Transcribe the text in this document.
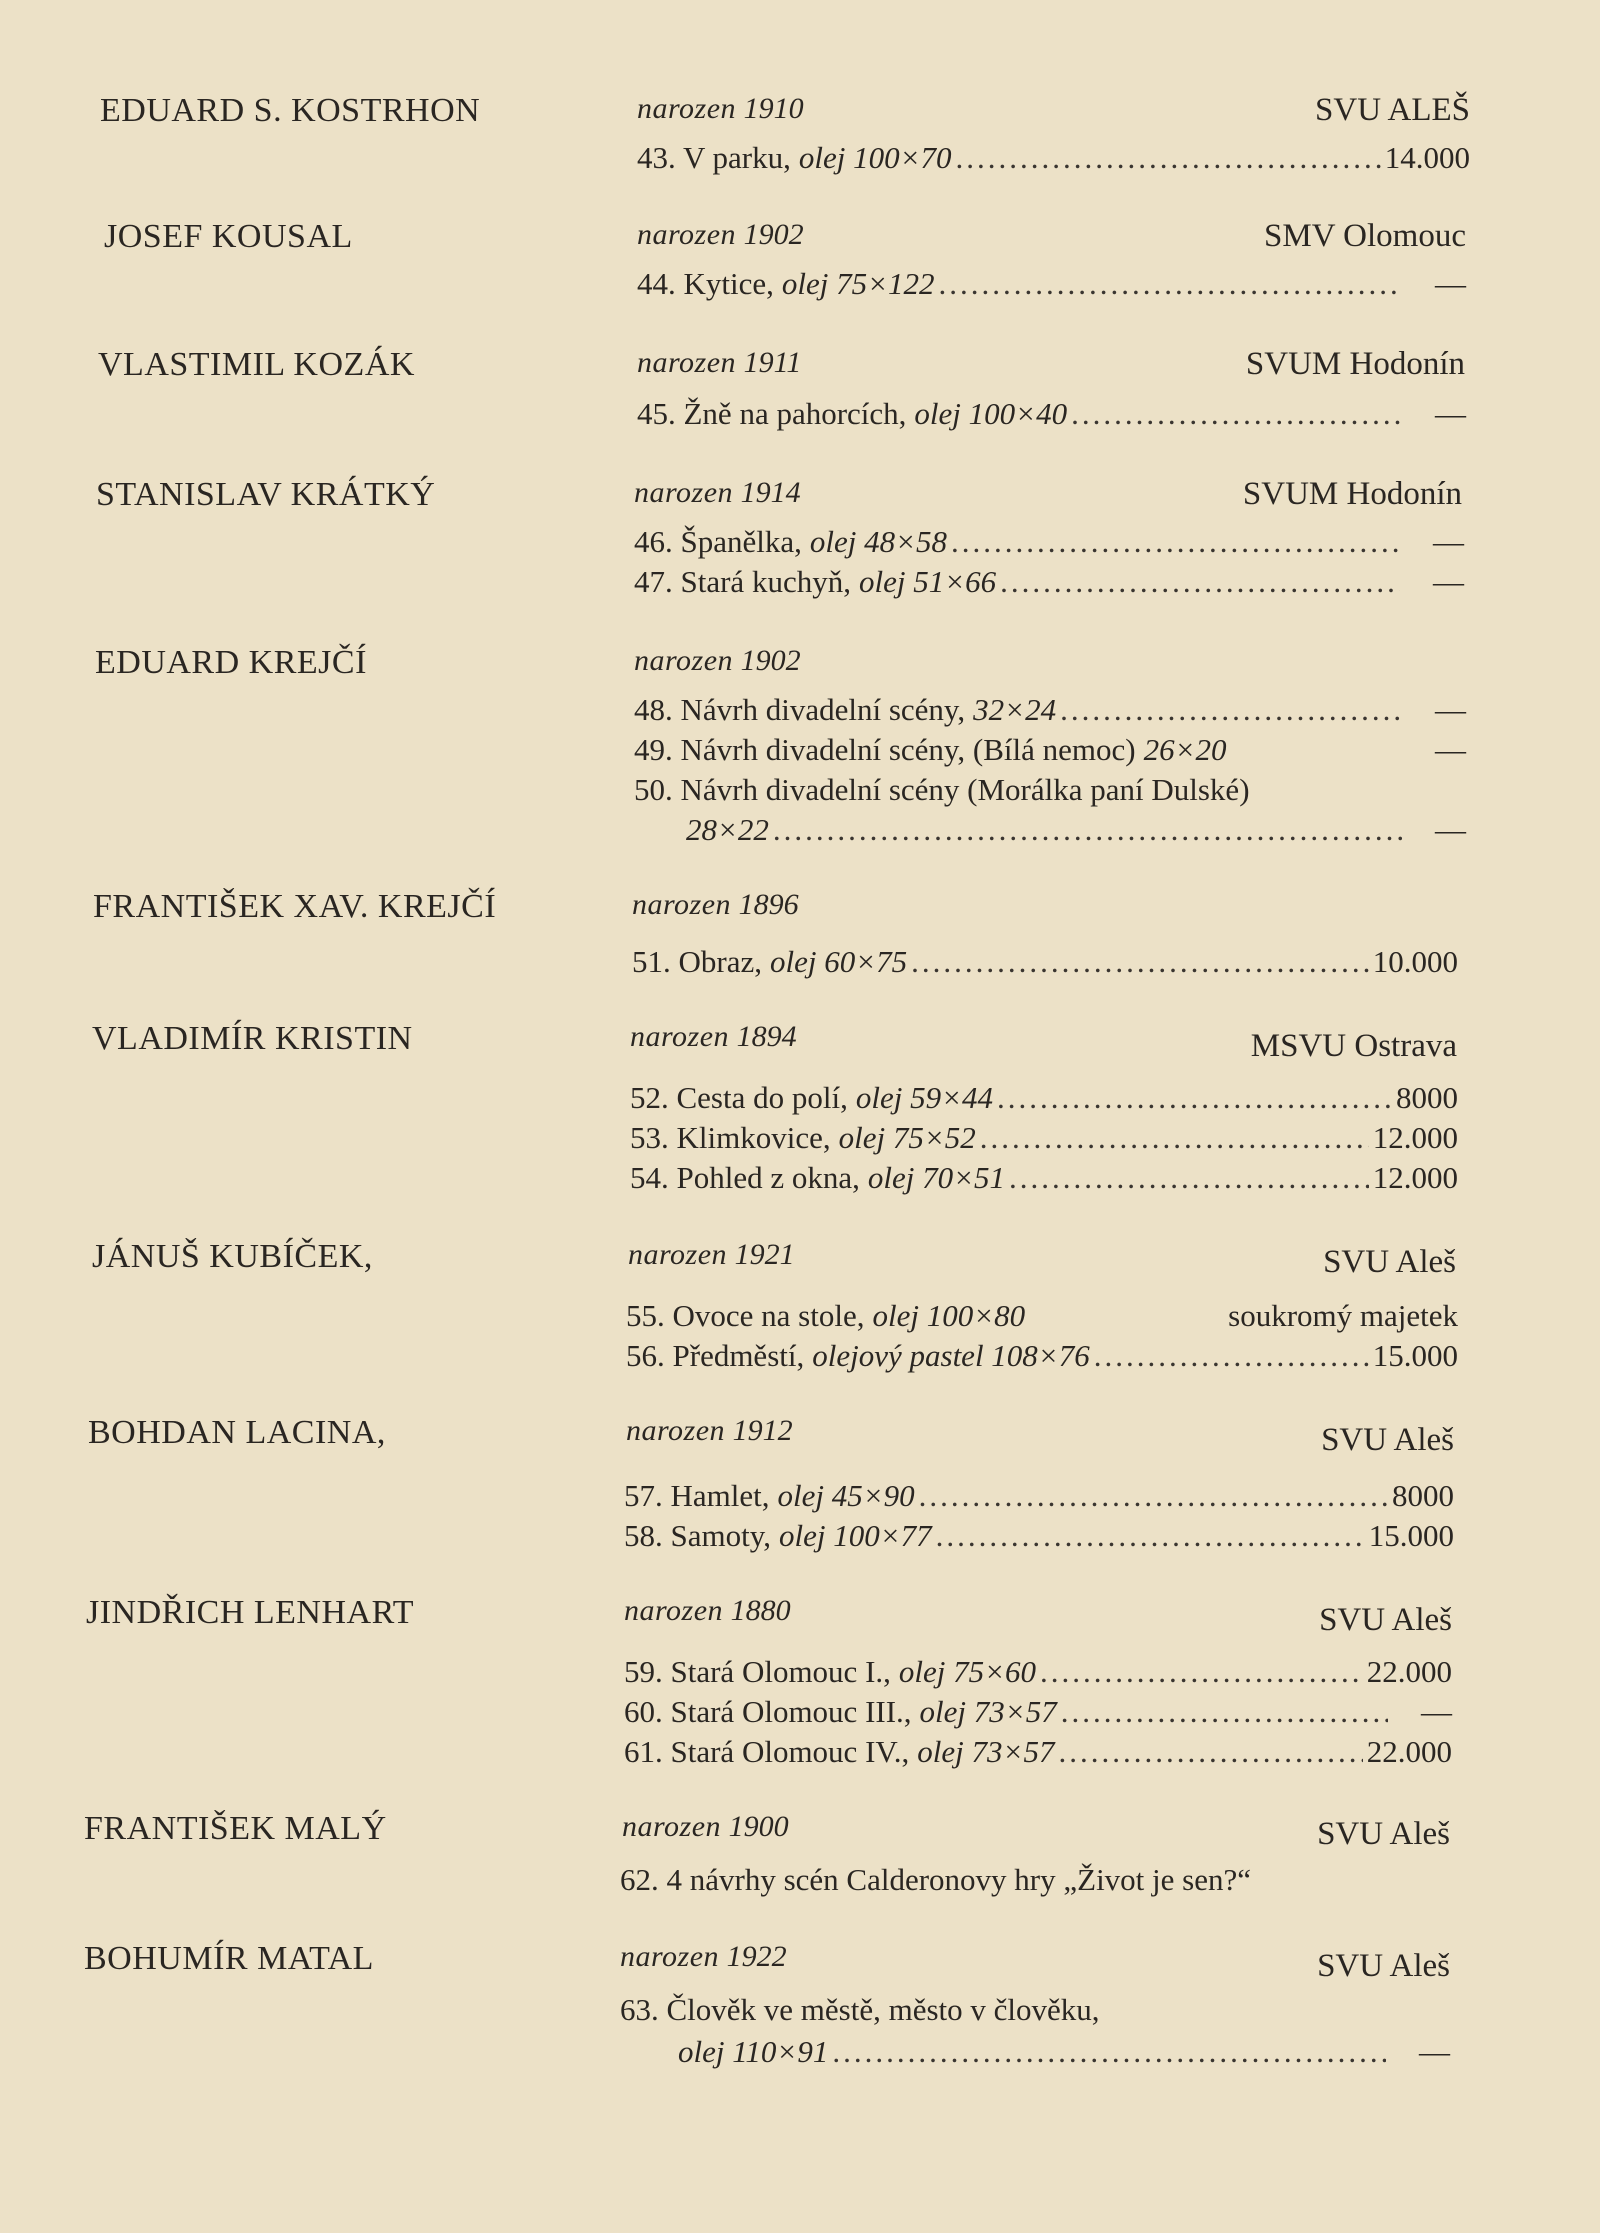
EDUARD S. KOSTRHON	narozen 1910	SVU ALEŠ
43. V parku, olej 100×70 .....	14.000
JOSEF KOUSAL	narozen 1902	SMV Olomouc
44. Kytice, olej 75×122 .....	—
VLASTIMIL KOZÁK	narozen 1911	SVUM Hodonín
45. Žně na pahorcích, olej 100×40 .....	—
STANISLAV KRÁTKÝ	narozen 1914	SVUM Hodonín
46. Španělka, olej 48×58 .....	—
47. Stará kuchyň, olej 51×66 .....	—
EDUARD KREJČÍ	narozen 1902
48. Návrh divadelní scény, 32×24 .....	—
49. Návrh divadelní scény, (Bílá nemoc) 26×20	—
50. Návrh divadelní scény (Morálka paní Dulské)
28×22 .....	—
FRANTIŠEK XAV. KREJČÍ	narozen 1896
51. Obraz, olej 60×75 .....	10.000
VLADIMÍR KRISTIN	narozen 1894	MSVU Ostrava
52. Cesta do polí, olej 59×44 .....	8000
53. Klimkovice, olej 75×52 .....	12.000
54. Pohled z okna, olej 70×51 .....	12.000
JÁNUŠ KUBÍČEK,	narozen 1921	SVU Aleš
55. Ovoce na stole, olej 100×80	soukromý majetek
56. Předměstí, olejový pastel 108×76 .....	15.000
BOHDAN LACINA,	narozen 1912	SVU Aleš
57. Hamlet, olej 45×90 .....	8000
58. Samoty, olej 100×77 .....	15.000
JINDŘICH LENHART	narozen 1880	SVU Aleš
59. Stará Olomouc I., olej 75×60 .....	22.000
60. Stará Olomouc III., olej 73×57 .....	—
61. Stará Olomouc IV., olej 73×57 .....	22.000
FRANTIŠEK MALÝ	narozen 1900	SVU Aleš
62. 4 návrhy scén Calderonovy hry „Život je sen?“
BOHUMÍR MATAL	narozen 1922	SVU Aleš
63. Člověk ve městě, město v člověku,
olej 110×91 .....	—
